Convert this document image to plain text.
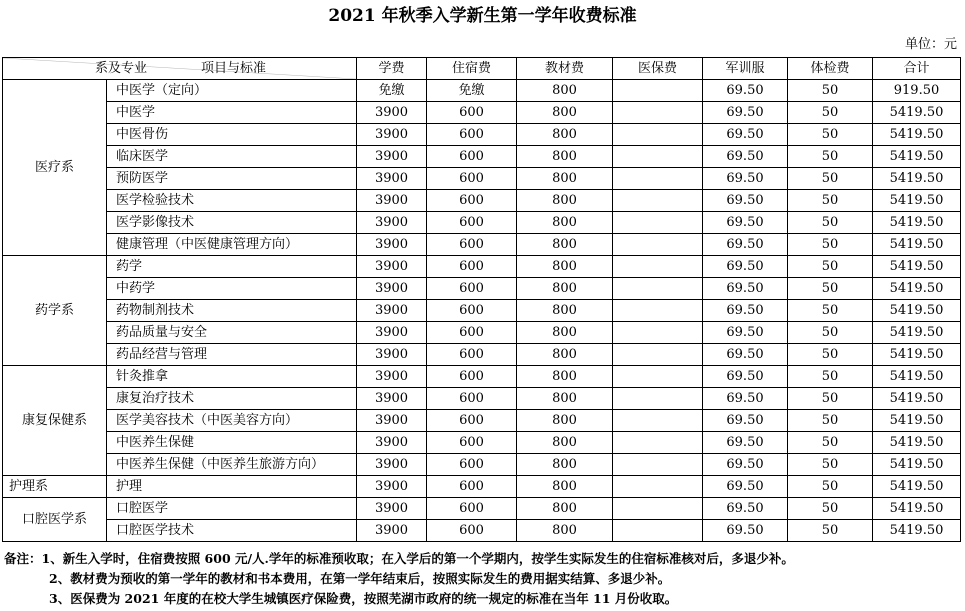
2021 年秋季入学新生第一学年收费标准
单位：元
系及专业 项目与标准		学费	住宿费	教材费	医保费	军训服	体检费	合计
医疗系	中医学（定向）	免缴	免缴	800		69.50	50	919.50
	中医学	3900	600	800		69.50	50	5419.50
	中医骨伤	3900	600	800		69.50	50	5419.50
	临床医学	3900	600	800		69.50	50	5419.50
	预防医学	3900	600	800		69.50	50	5419.50
	医学检验技术	3900	600	800		69.50	50	5419.50
	医学影像技术	3900	600	800		69.50	50	5419.50
	健康管理（中医健康管理方向）	3900	600	800		69.50	50	5419.50
药学系	药学	3900	600	800		69.50	50	5419.50
	中药学	3900	600	800		69.50	50	5419.50
	药物制剂技术	3900	600	800		69.50	50	5419.50
	药品质量与安全	3900	600	800		69.50	50	5419.50
	药品经营与管理	3900	600	800		69.50	50	5419.50
康复保健系	针灸推拿	3900	600	800		69.50	50	5419.50
	康复治疗技术	3900	600	800		69.50	50	5419.50
	医学美容技术（中医美容方向）	3900	600	800		69.50	50	5419.50
	中医养生保健	3900	600	800		69.50	50	5419.50
	中医养生保健（中医养生旅游方向）	3900	600	800		69.50	50	5419.50
护理系	护理	3900	600	800		69.50	50	5419.50
口腔医学系	口腔医学	3900	600	800		69.50	50	5419.50
	口腔医学技术	3900	600	800		69.50	50	5419.50
备注：1、新生入学时，住宿费按照 600 元/人.学年的标准预收取；在入学后的第一个学期内，按学生实际发生的住宿标准核对后，多退少补。
2、教材费为预收的第一学年的教材和书本费用，在第一学年结束后，按照实际发生的费用据实结算、多退少补。
3、医保费为 2021 年度的在校大学生城镇医疗保险费，按照芜湖市政府的统一规定的标准在当年 11 月份收取。
